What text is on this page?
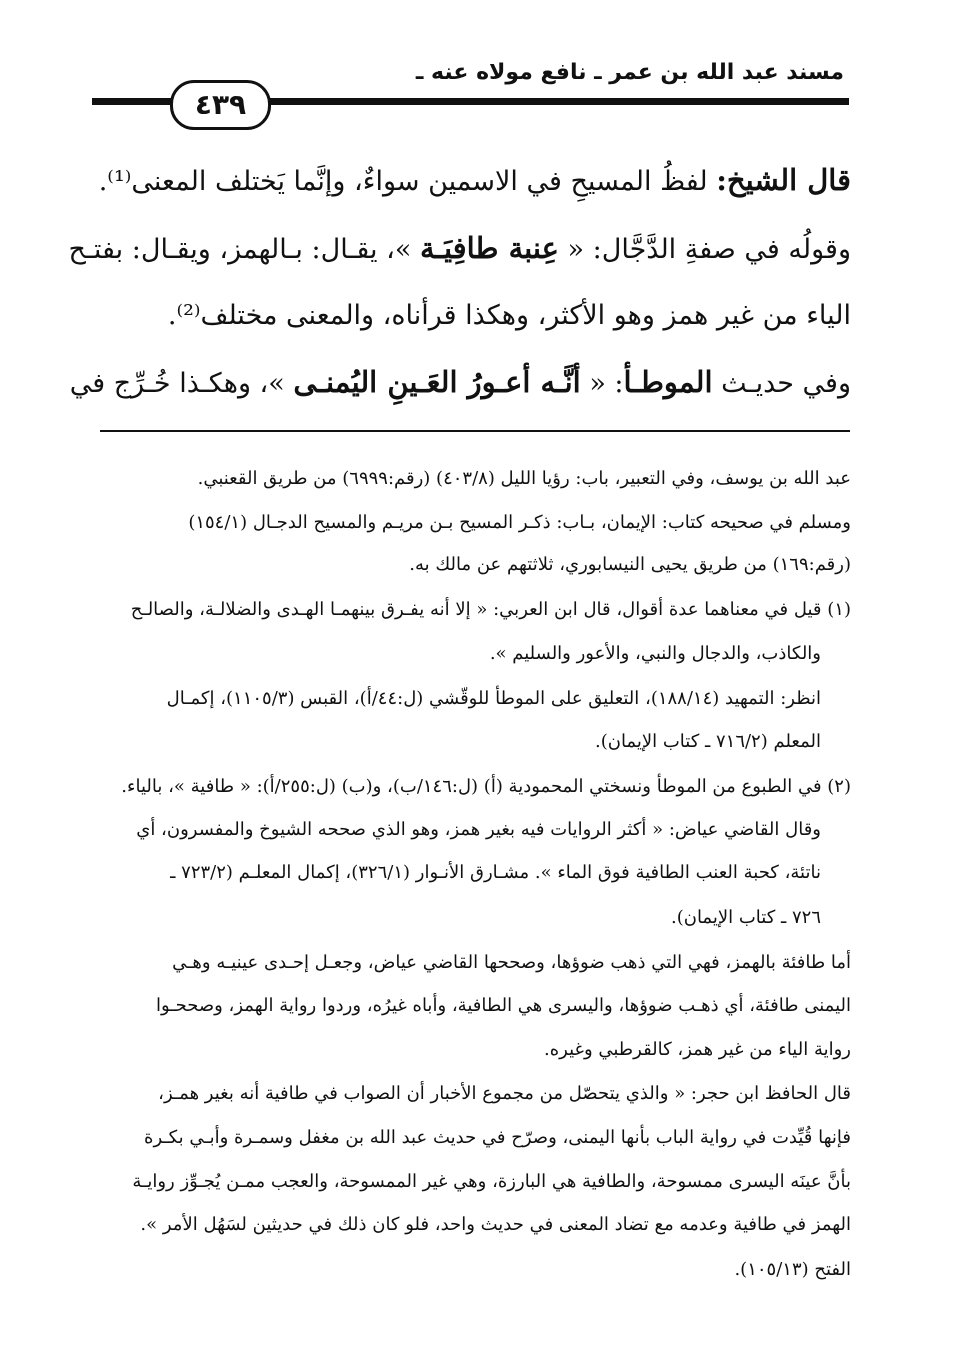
مسند عبد الله بن عمر ـ نافع مولاه عنه ـ
٤٣٩
قال الشيخ: لفظُ المسيحِ في الاسمين سواءٌ، وإنَّما يَختلف المعنى⁽¹⁾.
وقولُه في صفةِ الدَّجَّال: « عِنبة طافِيَـة »، يقـال: بـالهمز، ويقـال: بفتـح
الياء من غير همز وهو الأكثر، وهكذا قرأناه، والمعنى مختلف⁽²⁾.
وفي حديـث الموطـأ: « أنَّـه أعـورُ العَـينِ اليُمنـى »، وهكـذا خُـرِّج في
عبد الله بن يوسف، وفي التعبير، باب: رؤيا الليل (٤٠٣/٨) (رقم:٦٩٩٩) من طريق القعنبي.
ومسلم في صحيحه كتاب: الإيمان، بـاب: ذكـر المسيح بـن مريـم والمسيح الدجـال (١٥٤/١)
(رقم:١٦٩) من طريق يحيى النيسابوري، ثلاثتهم عن مالك به.
(١) قيل في معناهما عدة أقوال، قال ابن العربي: « إلا أنه يفـرق بينهمـا الهـدى والضلالـة، والصالـح
والكاذب، والدجال والنبي، والأعور والسليم ».
انظر: التمهيد (١٨٨/١٤)، التعليق على الموطأ للوقّشي (ل:٤٤/أ)، القبس (١١٠٥/٣)، إكمـال
المعلم (٧١٦/٢ ـ كتاب الإيمان).
(٢) في الطبوع من الموطأ ونسختي المحمودية (أ) (ل:١٤٦/ب)، و(ب) (ل:٢٥٥/أ): « طافية »، بالياء.
وقال القاضي عياض: « أكثر الروايات فيه بغير همز، وهو الذي صححه الشيوخ والمفسرون، أي
ناتئة، كحبة العنب الطافية فوق الماء ». مشـارق الأنـوار (٣٢٦/١)، إكمال المعلـم (٧٢٣/٢ ـ
٧٢٦ ـ كتاب الإيمان).
أما طافئة بالهمز، فهي التي ذهب ضوؤها، وصححها القاضي عياض، وجعـل إحـدى عينيـه وهـي
اليمنى طافئة، أي ذهـب ضوؤها، واليسرى هي الطافية، وأباه غيرُه، وردوا رواية الهمز، وصححـوا
رواية الياء من غير همز، كالقرطبي وغيره.
قال الحافظ ابن حجر: « والذي يتحصّل من مجموع الأخبار أن الصواب في طافية أنه بغير همـز،
فإنها قُيِّدت في رواية الباب بأنها اليمنى، وصرّح في حديث عبد الله بن مغفل وسمـرة وأبـي بكـرة
بأنَّ عينَه اليسرى ممسوحة، والطافية هي البارزة، وهي غير الممسوحة، والعجب ممـن يُجـوِّز روايـة
الهمز في طافية وعدمه مع تضاد المعنى في حديث واحد، فلو كان ذلك في حديثين لسَهُل الأمر ».
الفتح (١٠٥/١٣).
